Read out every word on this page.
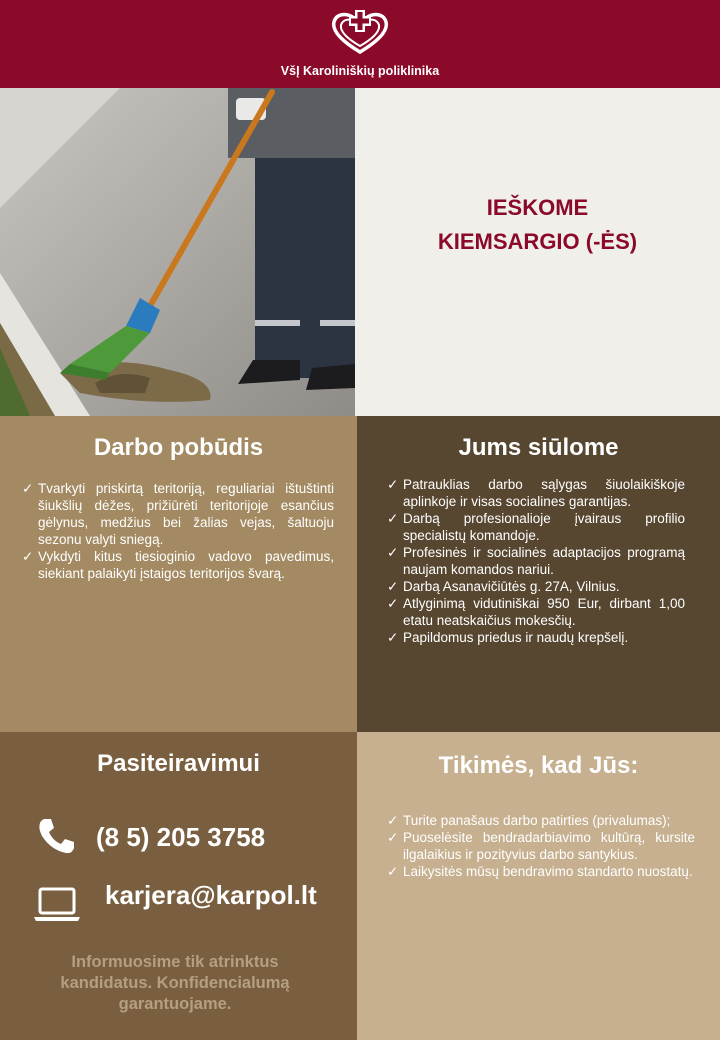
VšĮ Karoliniškių poliklinika
IEŠKOME
KIEMSARGIO (-ĖS)
Darbo pobūdis
✓ Tvarkyti priskirtą teritoriją, reguliariai ištuštinti šiukšlių dėžes, prižiūrėti teritorijoje esančius gėlynus, medžius bei žalias vejas, šaltuoju sezonu valyti sniegą.
✓ Vykdyti kitus tiesioginio vadovo pavedimus, siekiant palaikyti įstaigos teritorijos švarą.
Jums siūlome
✓ Patrauklias darbo sąlygas šiuolaikiškoje aplinkoje ir visas socialines garantijas.
✓ Darbą profesionalioje įvairaus profilio specialistų komandoje.
✓ Profesinės ir socialinės adaptacijos programą naujam komandos nariui.
✓ Darbą Asanavičiūtės g. 27A, Vilnius.
✓ Atlyginimą vidutiniškai 950 Eur, dirbant 1,00 etatu neatskaičius mokesčių.
✓ Papildomus priedus ir naudų krepšelį.
Pasiteiravimui
(8 5) 205 3758
karjera@karpol.lt
Informuosime tik atrinktus kandidatus. Konfidencialumą garantuojame.
Tikimės, kad Jūs:
✓ Turite panašaus darbo patirties (privalumas);
✓ Puoselėsite bendradarbiavimo kultūrą, kursite ilgalaikius ir pozityvius darbo santykius.
✓ Laikysitės mūsų bendravimo standarto nuostatų.
